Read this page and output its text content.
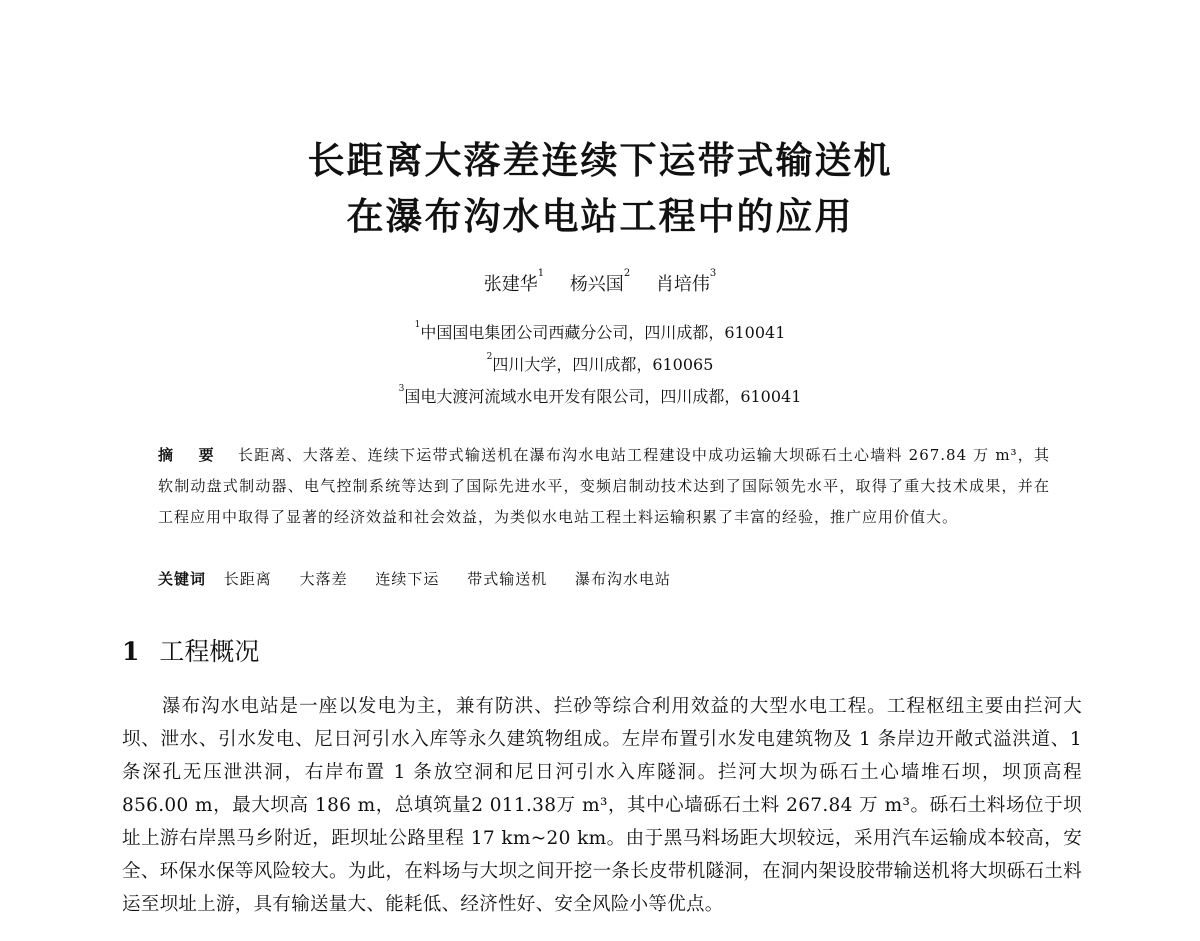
长距离大落差连续下运带式输送机
在瀑布沟水电站工程中的应用
张建华$^1$ 杨兴国$^2$ 肖培伟$^3$
$^1$中国国电集团公司西藏分公司，四川成都，610041
$^2$四川大学，四川成都，610065
$^3$国电大渡河流域水电开发有限公司，四川成都，610041
摘 要 长距离、大落差、连续下运带式输送机在瀑布沟水电站工程建设中成功运输大坝砾石土心墙料 267.84 万 m³，其软制动盘式制动器、电气控制系统等达到了国际先进水平，变频启制动技术达到了国际领先水平，取得了重大技术成果，并在工程应用中取得了显著的经济效益和社会效益，为类似水电站工程土料运输积累了丰富的经验，推广应用价值大。
关键词 长距离 大落差 连续下运 带式输送机 瀑布沟水电站
1 工程概况
瀑布沟水电站是一座以发电为主，兼有防洪、拦砂等综合利用效益的大型水电工程。工程枢纽主要由拦河大坝、泄水、引水发电、尼日河引水入库等永久建筑物组成。左岸布置引水发电建筑物及 1 条岸边开敞式溢洪道、1 条深孔无压泄洪洞，右岸布置 1 条放空洞和尼日河引水入库隧洞。拦河大坝为砾石土心墙堆石坝，坝顶高程 856.00 m，最大坝高 186 m，总填筑量2 011.38万 m³，其中心墙砾石土料 267.84 万 m³。砾石土料场位于坝址上游右岸黑马乡附近，距坝址公路里程 17 km~20 km。由于黑马料场距大坝较远，采用汽车运输成本较高，安全、环保水保等风险较大。为此，在料场与大坝之间开挖一条长皮带机隧洞，在洞内架设胶带输送机将大坝砾石土料运至坝址上游，具有输送量大、能耗低、经济性好、安全风险小等优点。
